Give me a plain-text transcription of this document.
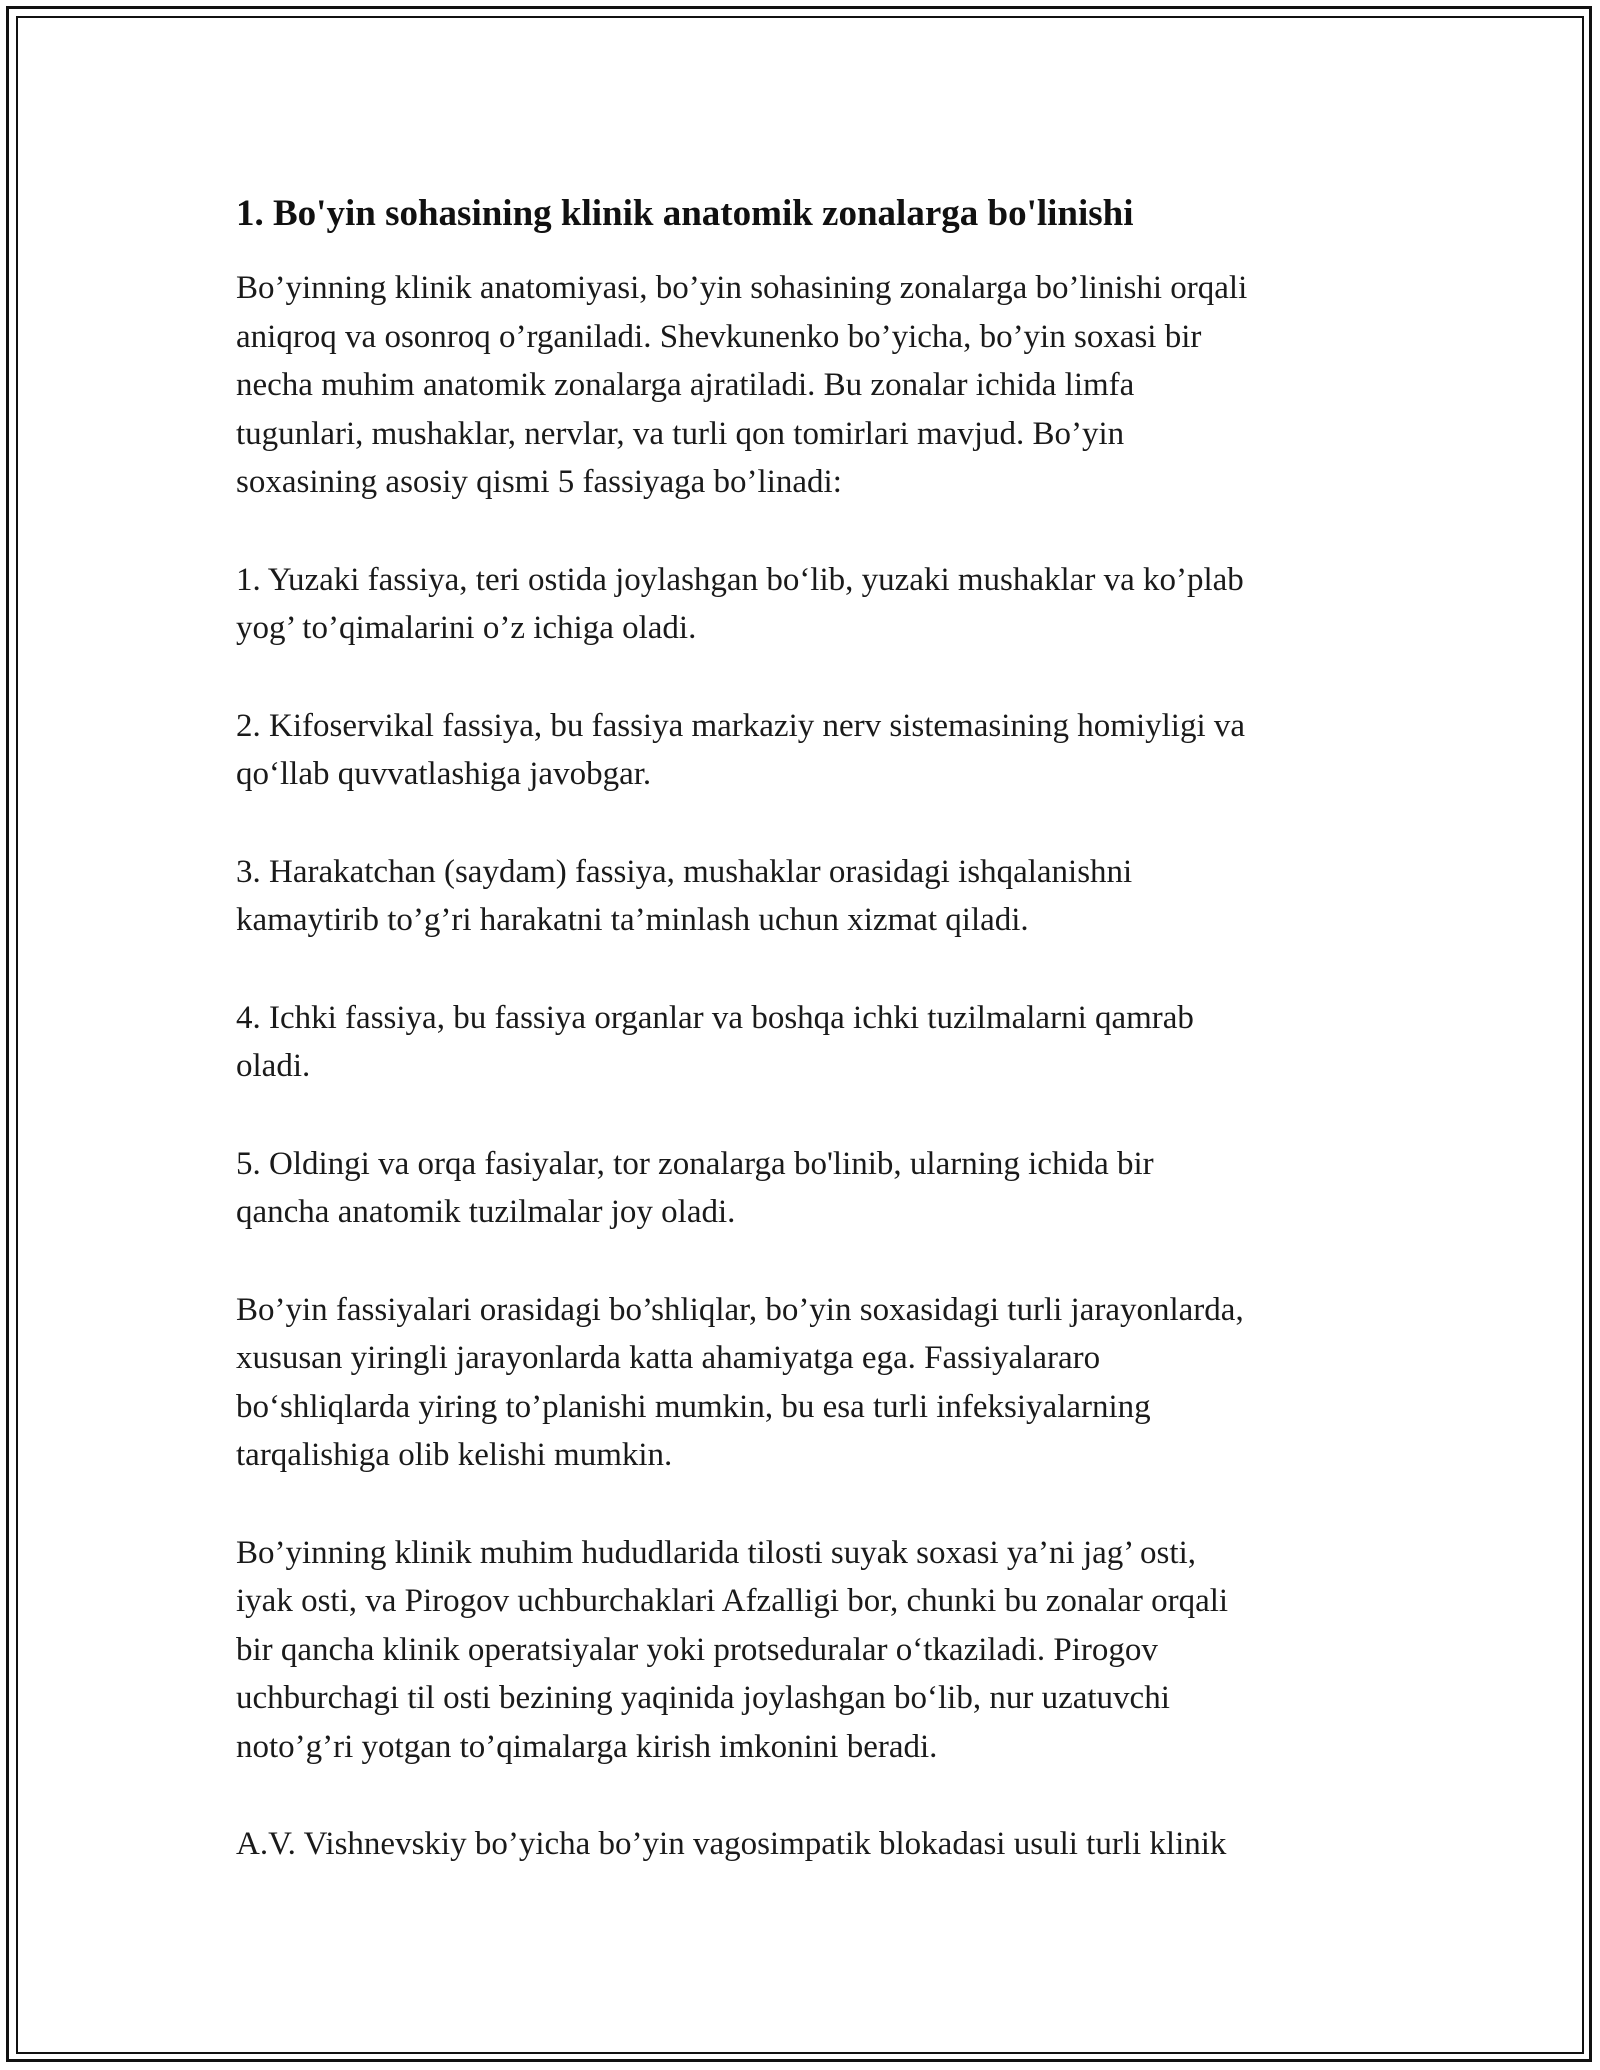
1. Bo'yin sohasining klinik anatomik zonalarga bo'linishi

Bo’yinning klinik anatomiyasi, bo’yin sohasining zonalarga bo’linishi orqali
aniqroq va osonroq o’rganiladi. Shevkunenko bo’yicha, bo’yin soxasi bir
necha muhim anatomik zonalarga ajratiladi. Bu zonalar ichida limfa
tugunlari, mushaklar, nervlar, va turli qon tomirlari mavjud. Bo’yin
soxasining asosiy qismi 5 fassiyaga bo’linadi:

1. Yuzaki fassiya, teri ostida joylashgan bo‘lib, yuzaki mushaklar va ko’plab
yog’ to’qimalarini o’z ichiga oladi.

2. Kifoservikal fassiya, bu fassiya markaziy nerv sistemasining homiyligi va
qo‘llab quvvatlashiga javobgar.

3. Harakatchan (saydam) fassiya, mushaklar orasidagi ishqalanishni
kamaytirib to’g’ri harakatni ta’minlash uchun xizmat qiladi.

4. Ichki fassiya, bu fassiya organlar va boshqa ichki tuzilmalarni qamrab
oladi.

5. Oldingi va orqa fasiyalar, tor zonalarga bo'linib, ularning ichida bir
qancha anatomik tuzilmalar joy oladi.

Bo’yin fassiyalari orasidagi bo’shliqlar, bo’yin soxasidagi turli jarayonlarda,
xususan yiringli jarayonlarda katta ahamiyatga ega. Fassiyalararo
bo‘shliqlarda yiring to’planishi mumkin, bu esa turli infeksiyalarning
tarqalishiga olib kelishi mumkin.

Bo’yinning klinik muhim hududlarida tilosti suyak soxasi ya’ni jag’ osti,
iyak osti, va Pirogov uchburchaklari Afzalligi bor, chunki bu zonalar orqali
bir qancha klinik operatsiyalar yoki protseduralar o‘tkaziladi. Pirogov
uchburchagi til osti bezining yaqinida joylashgan bo‘lib, nur uzatuvchi
noto’g’ri yotgan to’qimalarga kirish imkonini beradi.

A.V. Vishnevskiy bo’yicha bo’yin vagosimpatik blokadasi usuli turli klinik
